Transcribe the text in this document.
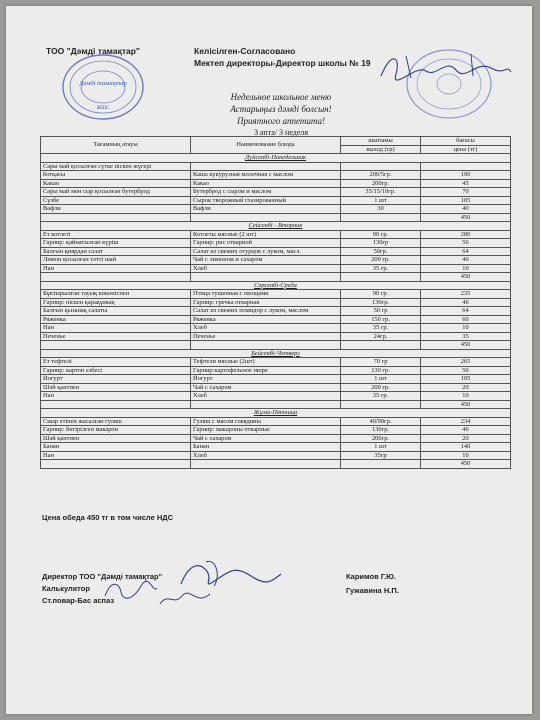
ТОО "Дәмді тамақтар"	Келісілген-Согласовано
Мектеп директоры-Директор школы № 19
Дәмді тамақтар
ЖШС
Недельное школьное меню
Астарыңыз дәмді болсын!
Приятного аппетита!
3 апта/ 3 неделя
Тағамның атауы	Наименование блюда	шығымы	бағасы
		выход (гр)	цена (тг)
Дүйсенбі-Понедельник			
Сары май қосылған сүтке піскен жүгері			
ботқасы	Каша кукурузная молочная с маслом	200/5гр.	190
Какао	Какао	200гр.	45
Сары май мен сыр қосылған бутерброд	Бутерброд с сыром и маслом	35/15/10гр.	70
Сүзбе	Сырок творожный глазированный	1 шт	105
Вафли	Вафли	30	40
			450
Сейсенбі - Вторник			
Ет котлеті	Котлеты мясные (2 шт)	90 гр.	280
Гарнир: қайнатылған күріш	Гарнир: рис отварной	130гр	56
Балғын қиярдан салат	Салат из свежих огурцов с луком, масл.	50гр.	64
Лимон қосылған тәтті шай	Чай с лимоном и сахаром	200 гр.	40
Нан	Хлеб	35 гр.	10
			450
Сәрсенбі-Среда			
Бұктырылған тауық көкөніспен	Птица тушенная с овощами	90 гр.	235
Гарнир: піскен қарақұмық	Гарнир: гречка отварная	130гр.	46
Балғын қызанақ салаты	Салат из свежих помидор с луком, маслом	50 гр	64
Ряженка	Ряженка	150 гр.	60
Нан	Хлеб	35 гр.	10
Печенье	Печенье	24гр.	35
			450
Бейсенбі-Четверг			
Ет тефтелі	Тефтели мясные (2шт)	70 гр	265
Гарнир: картоп езбесі	Гарнир:картофельное пюре	130 гр.	50
Йогурт	Йогурт	1 шт	105
Шәй қантпен	Чай с сахаром	200 гр.	20
Нан	Хлеб	35 гр.	10
			450
Жұма-Пятница			
Сиыр етінен жасалған гуляш	Гуляш с мясом говядины	40/90гр.	234
Гарнир: бөтірілген макарон	Гарнир: макароны отварные	130гр.	46
Шәй қантпен	Чай с сахаром	200гр.	20
Банан	Банан	1 шт	140
Нан	Хлеб	35гр	10
			450
Цена обеда 450 тг в том числе НДС
Директор ТОО "Дәмді тамақтар"
Калькулятор
Ст.повар-Бас аспаз
Каримов Г.Ю.
Гужавина Н.П.
